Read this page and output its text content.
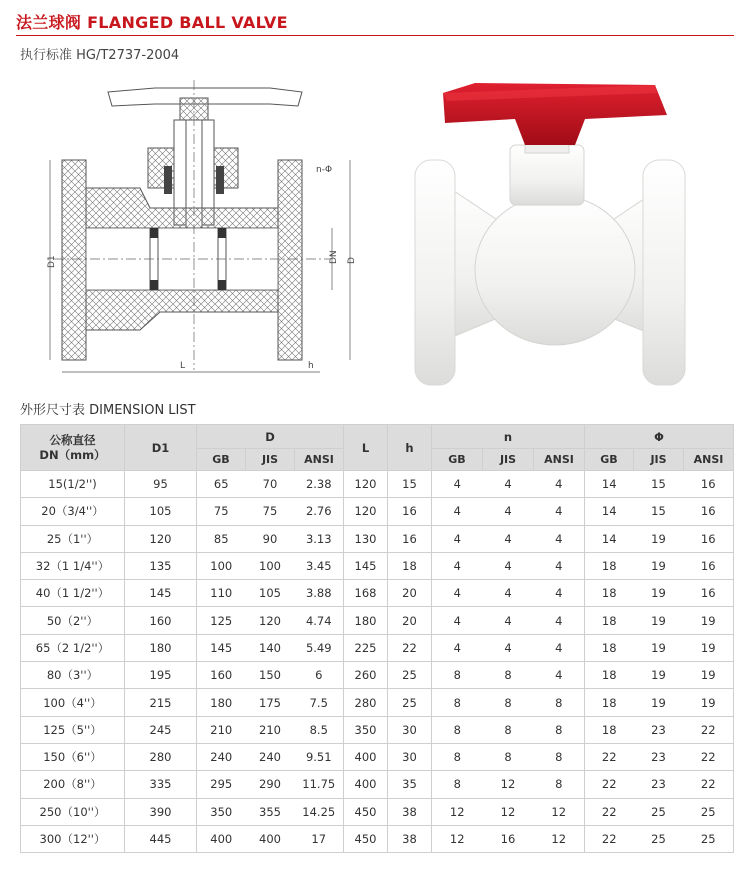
法兰球阀 FLANGED BALL VALVE
执行标准 HG/T2737-2004
n-Φ
D1	DN D
L	h
外形尺寸表 DIMENSION LIST
公称直径
DN（mm）	D1	D			L	h	n			Φ		
		GB	JIS	ANSI			GB	JIS	ANSI	GB	JIS	ANSI
15(1/2'')	95	65	70	2.38	120	15	4	4	4	14	15	16
20（3/4''）	105	75	75	2.76	120	16	4	4	4	14	15	16
25（1''）	120	85	90	3.13	130	16	4	4	4	14	19	16
32（1 1/4''）	135	100	100	3.45	145	18	4	4	4	18	19	16
40（1 1/2''）	145	110	105	3.88	168	20	4	4	4	18	19	16
50（2''）	160	125	120	4.74	180	20	4	4	4	18	19	19
65（2 1/2''）	180	145	140	5.49	225	22	4	4	4	18	19	19
80（3''）	195	160	150	6	260	25	8	8	4	18	19	19
100（4''）	215	180	175	7.5	280	25	8	8	8	18	19	19
125（5''）	245	210	210	8.5	350	30	8	8	8	18	23	22
150（6''）	280	240	240	9.51	400	30	8	8	8	22	23	22
200（8''）	335	295	290	11.75	400	35	8	12	8	22	23	22
250（10''）	390	350	355	14.25	450	38	12	12	12	22	25	25
300（12''）	445	400	400	17	450	38	12	16	12	22	25	25
